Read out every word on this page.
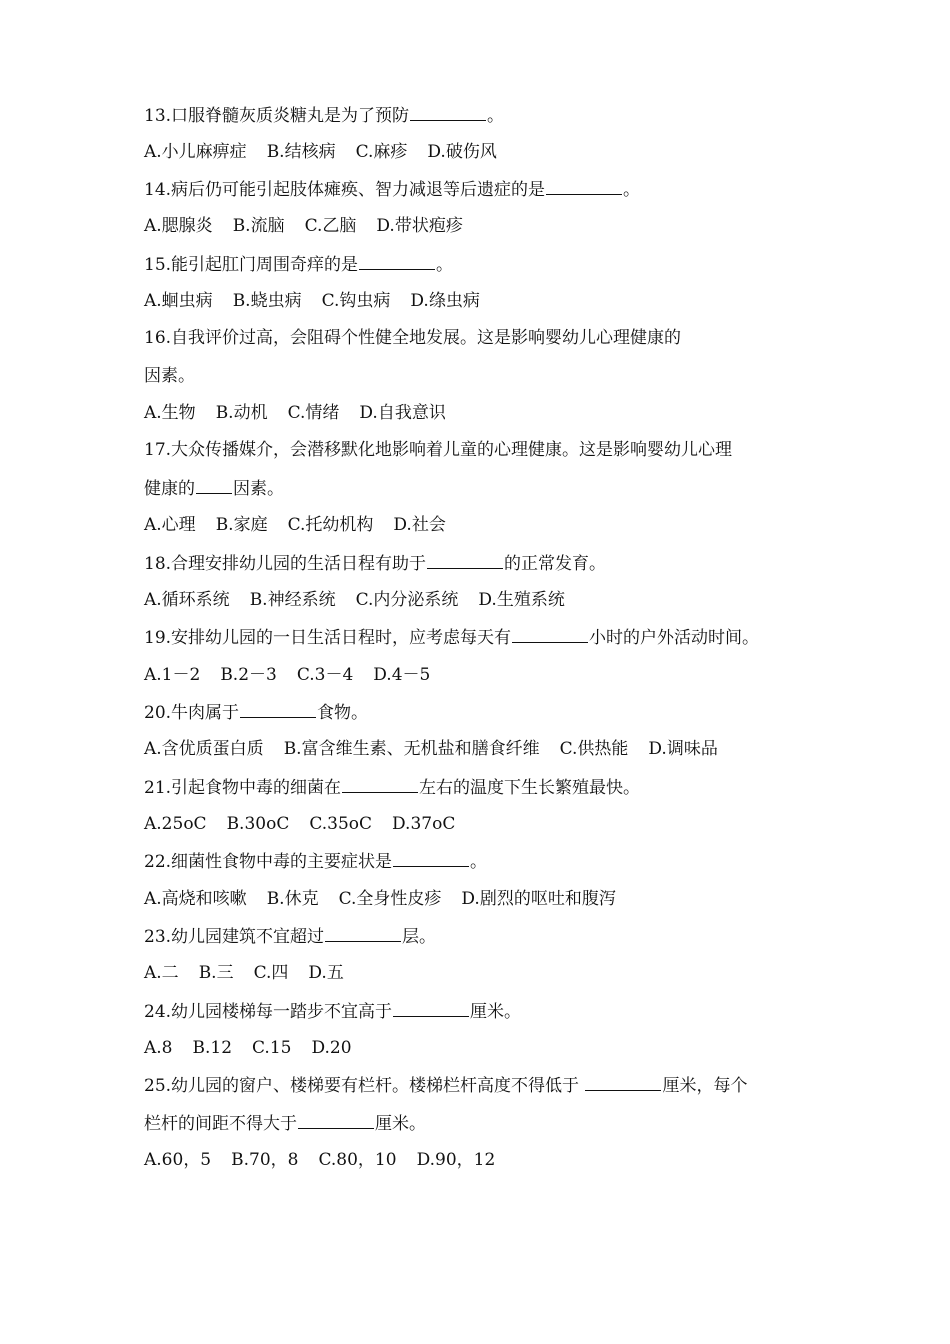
13.口服脊髓灰质炎糖丸是为了预防	。
A.小儿麻痹症 B.结核病 C.麻疹 D.破伤风
14.病后仍可能引起肢体瘫痪、智力减退等后遗症的是	。
A.腮腺炎 B.流脑 C.乙脑 D.带状疱疹
15.能引起肛门周围奇痒的是	。
A.蛔虫病 B.蛲虫病 C.钩虫病 D.绦虫病
16.自我评价过高，会阻碍个性健全地发展。这是影响婴幼儿心理健康的
因素。
A.生物 B.动机 C.情绪 D.自我意识
17.大众传播媒介，会潜移默化地影响着儿童的心理健康。这是影响婴幼儿心理
健康的 因素。
A.心理 B.家庭 C.托幼机构 D.社会
18.合理安排幼儿园的生活日程有助于	的正常发育。
A.循环系统 B.神经系统 C.内分泌系统 D.生殖系统
19.安排幼儿园的一日生活日程时，应考虑每天有	小时的户外活动时间。
A.1－2 B.2－3 C.3－4 D.4－5
20.牛肉属于	食物。
A.含优质蛋白质 B.富含维生素、无机盐和膳食纤维 C.供热能 D.调味品
21.引起食物中毒的细菌在	左右的温度下生长繁殖最快。
A.25oC B.30oC C.35oC D.37oC
22.细菌性食物中毒的主要症状是	。
A.高烧和咳嗽 B.休克 C.全身性皮疹 D.剧烈的呕吐和腹泻
23.幼儿园建筑不宜超过	层。
A.二 B.三 C.四 D.五
24.幼儿园楼梯每一踏步不宜高于	厘米。
A.8 B.12 C.15 D.20
25.幼儿园的窗户、楼梯要有栏杆。楼梯栏杆高度不得低于	厘米，每个
栏杆的间距不得大于	厘米。
A.60，5 B.70，8 C.80，10 D.90，12
